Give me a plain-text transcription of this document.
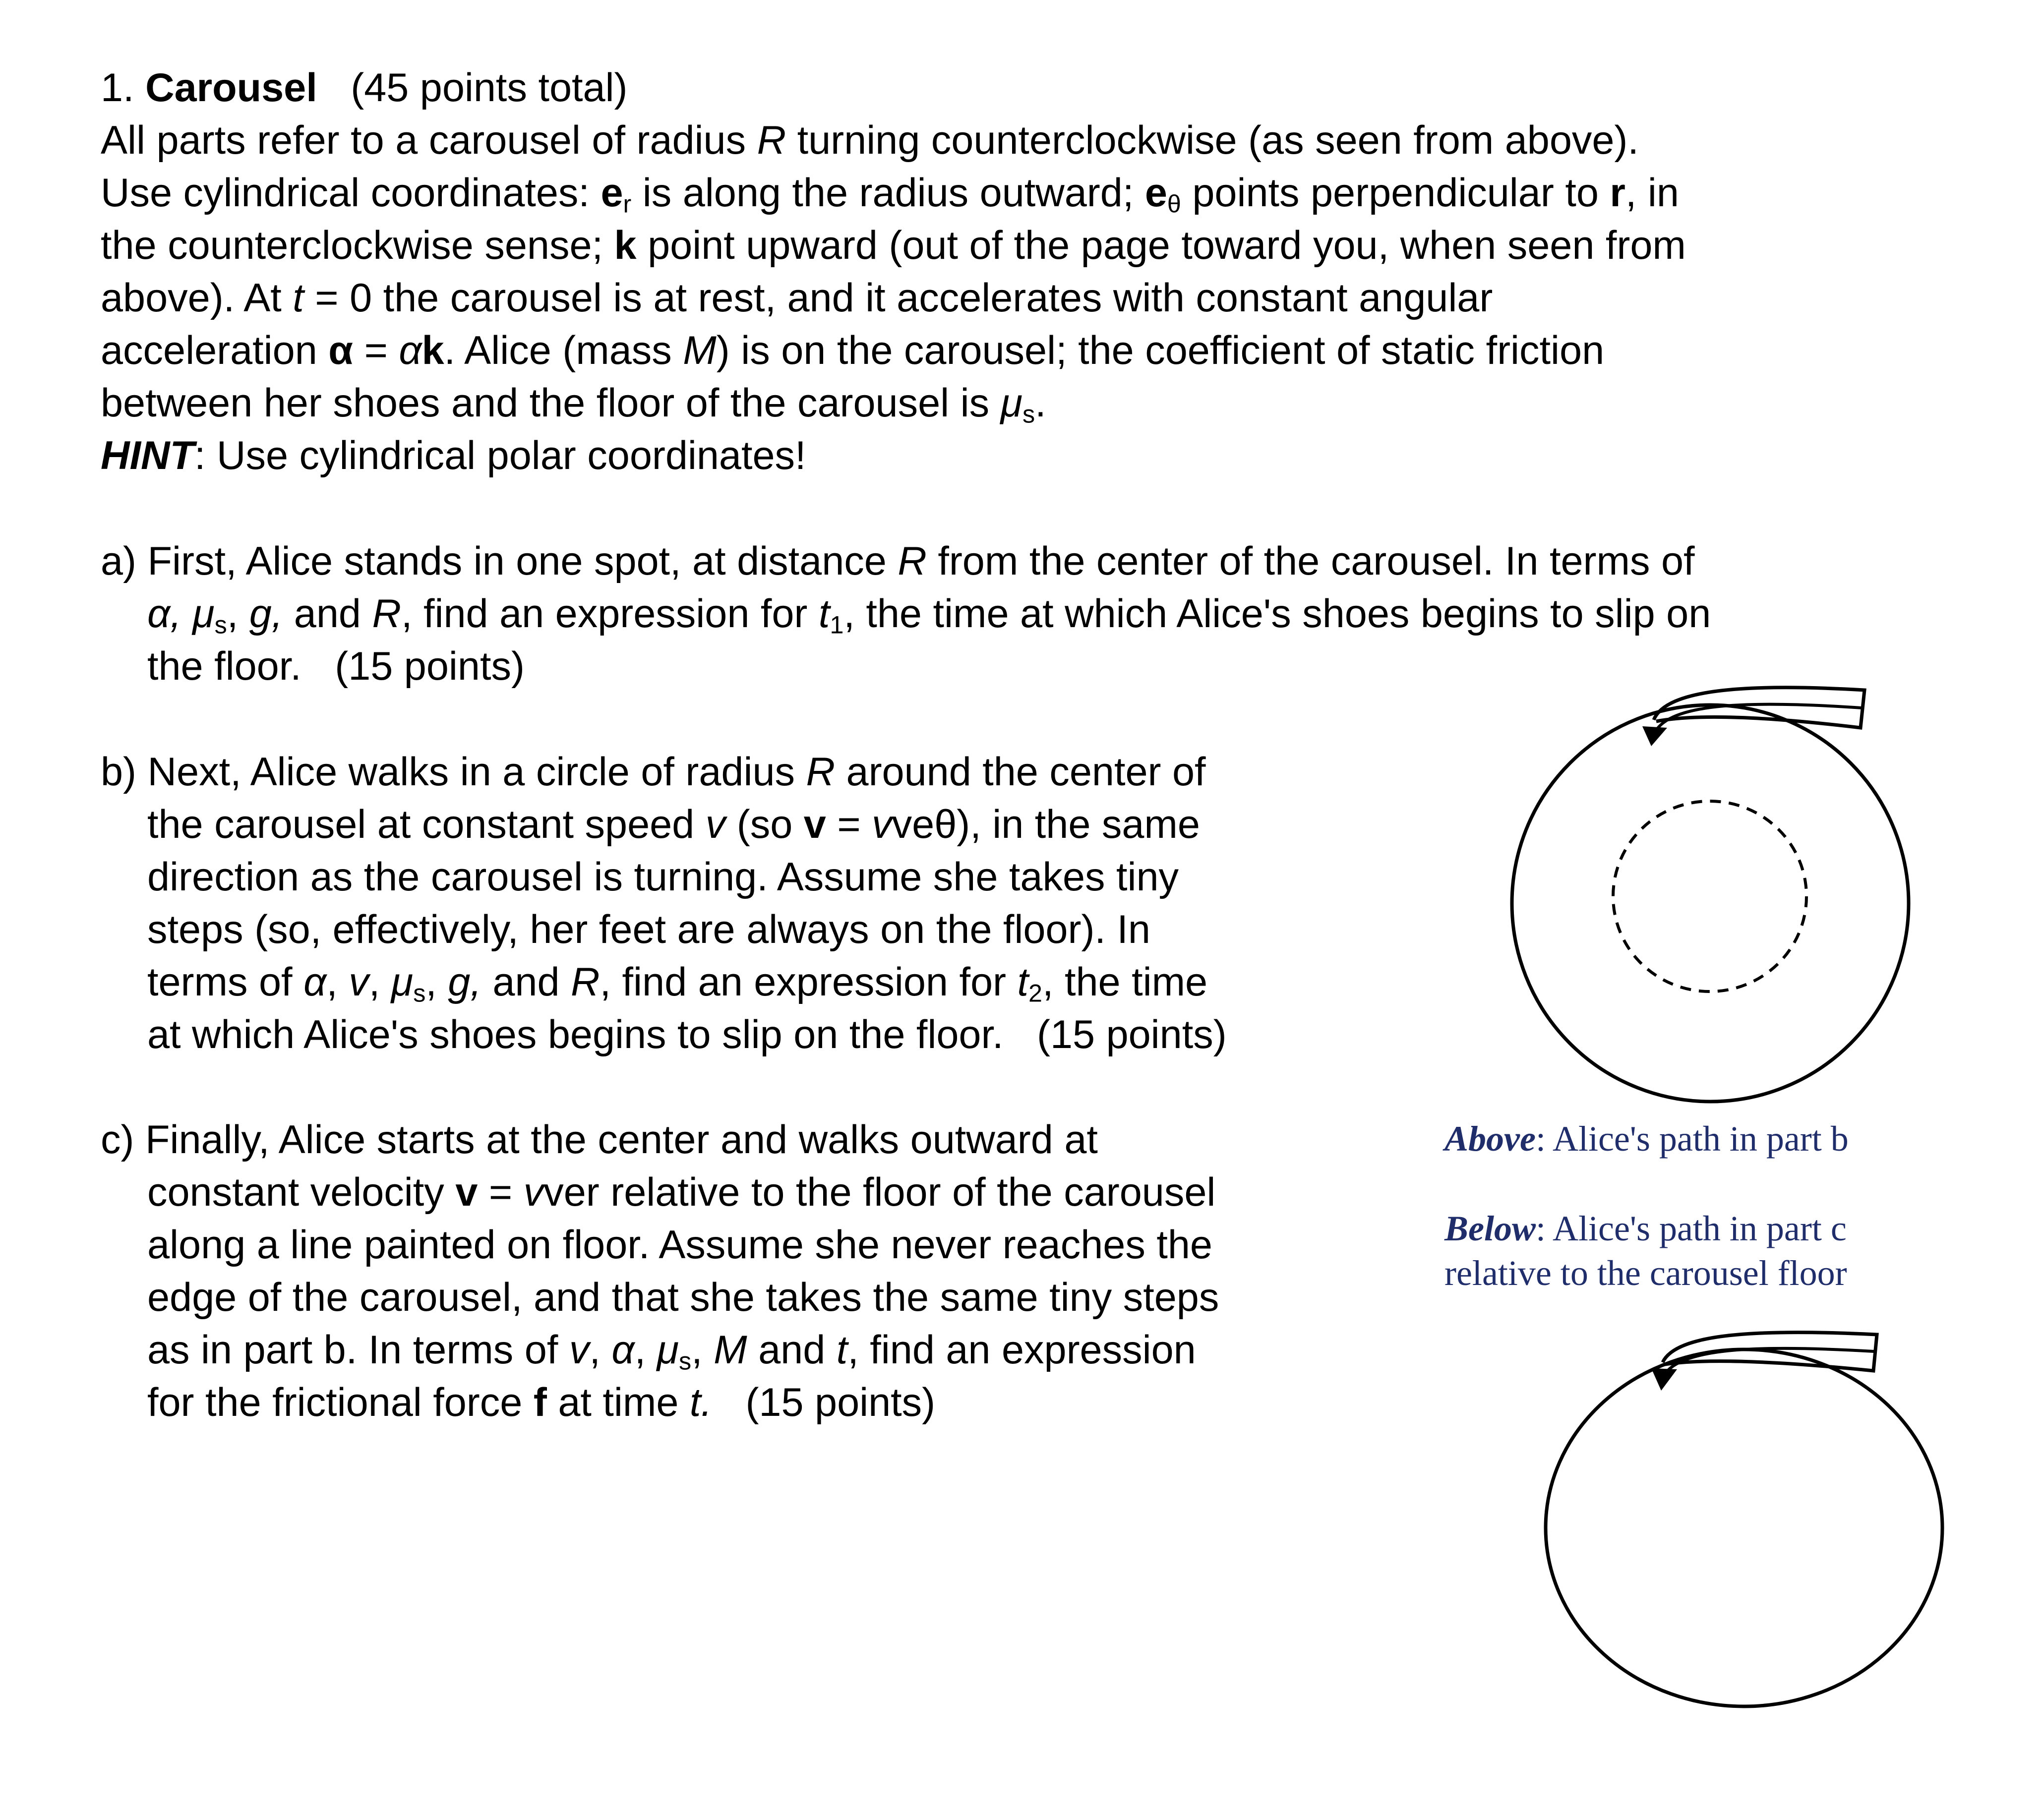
1. Carousel (45 points total)

All parts refer to a carousel of radius R turning counterclockwise (as seen from above).
Use cylindrical coordinates: $e_r$ is along the radius outward; $e_\theta$ points perpendicular to r, in
the counterclockwise sense; k point upward (out of the page toward you, when seen from
above). At t = 0 the carousel is at rest, and it accelerates with constant angular
acceleration α = αk. Alice (mass M) is on the carousel; the coefficient of static friction
between her shoes and the floor of the carousel is $\mu_s$.
HINT: Use cylindrical polar coordinates!
a) First, Alice stands in one spot, at distance R from the center of the carousel. In terms of
α, $\mu_s$, g, and R, find an expression for $t_1$, the time at which Alice's shoes begins to slip on
the floor. (15 points)
b) Next, Alice walks in a circle of radius R around the center of
the carousel at constant speed v (so v = vveθ), in the same
direction as the carousel is turning. Assume she takes tiny
steps (so, effectively, her feet are always on the floor). In
terms of α, v, $\mu_s$, g, and R, find an expression for $t_2$, the time
at which Alice's shoes begins to slip on the floor. (15 points)
c) Finally, Alice starts at the center and walks outward at
constant velocity v = vver relative to the floor of the carousel
along a line painted on floor. Assume she never reaches the
edge of the carousel, and that she takes the same tiny steps
as in part b. In terms of v, α, $\mu_s$, M and t, find an expression
for the frictional force f at time t. (15 points)

Above: Alice's path in part b

Below: Alice's path in part c
relative to the carousel floor
